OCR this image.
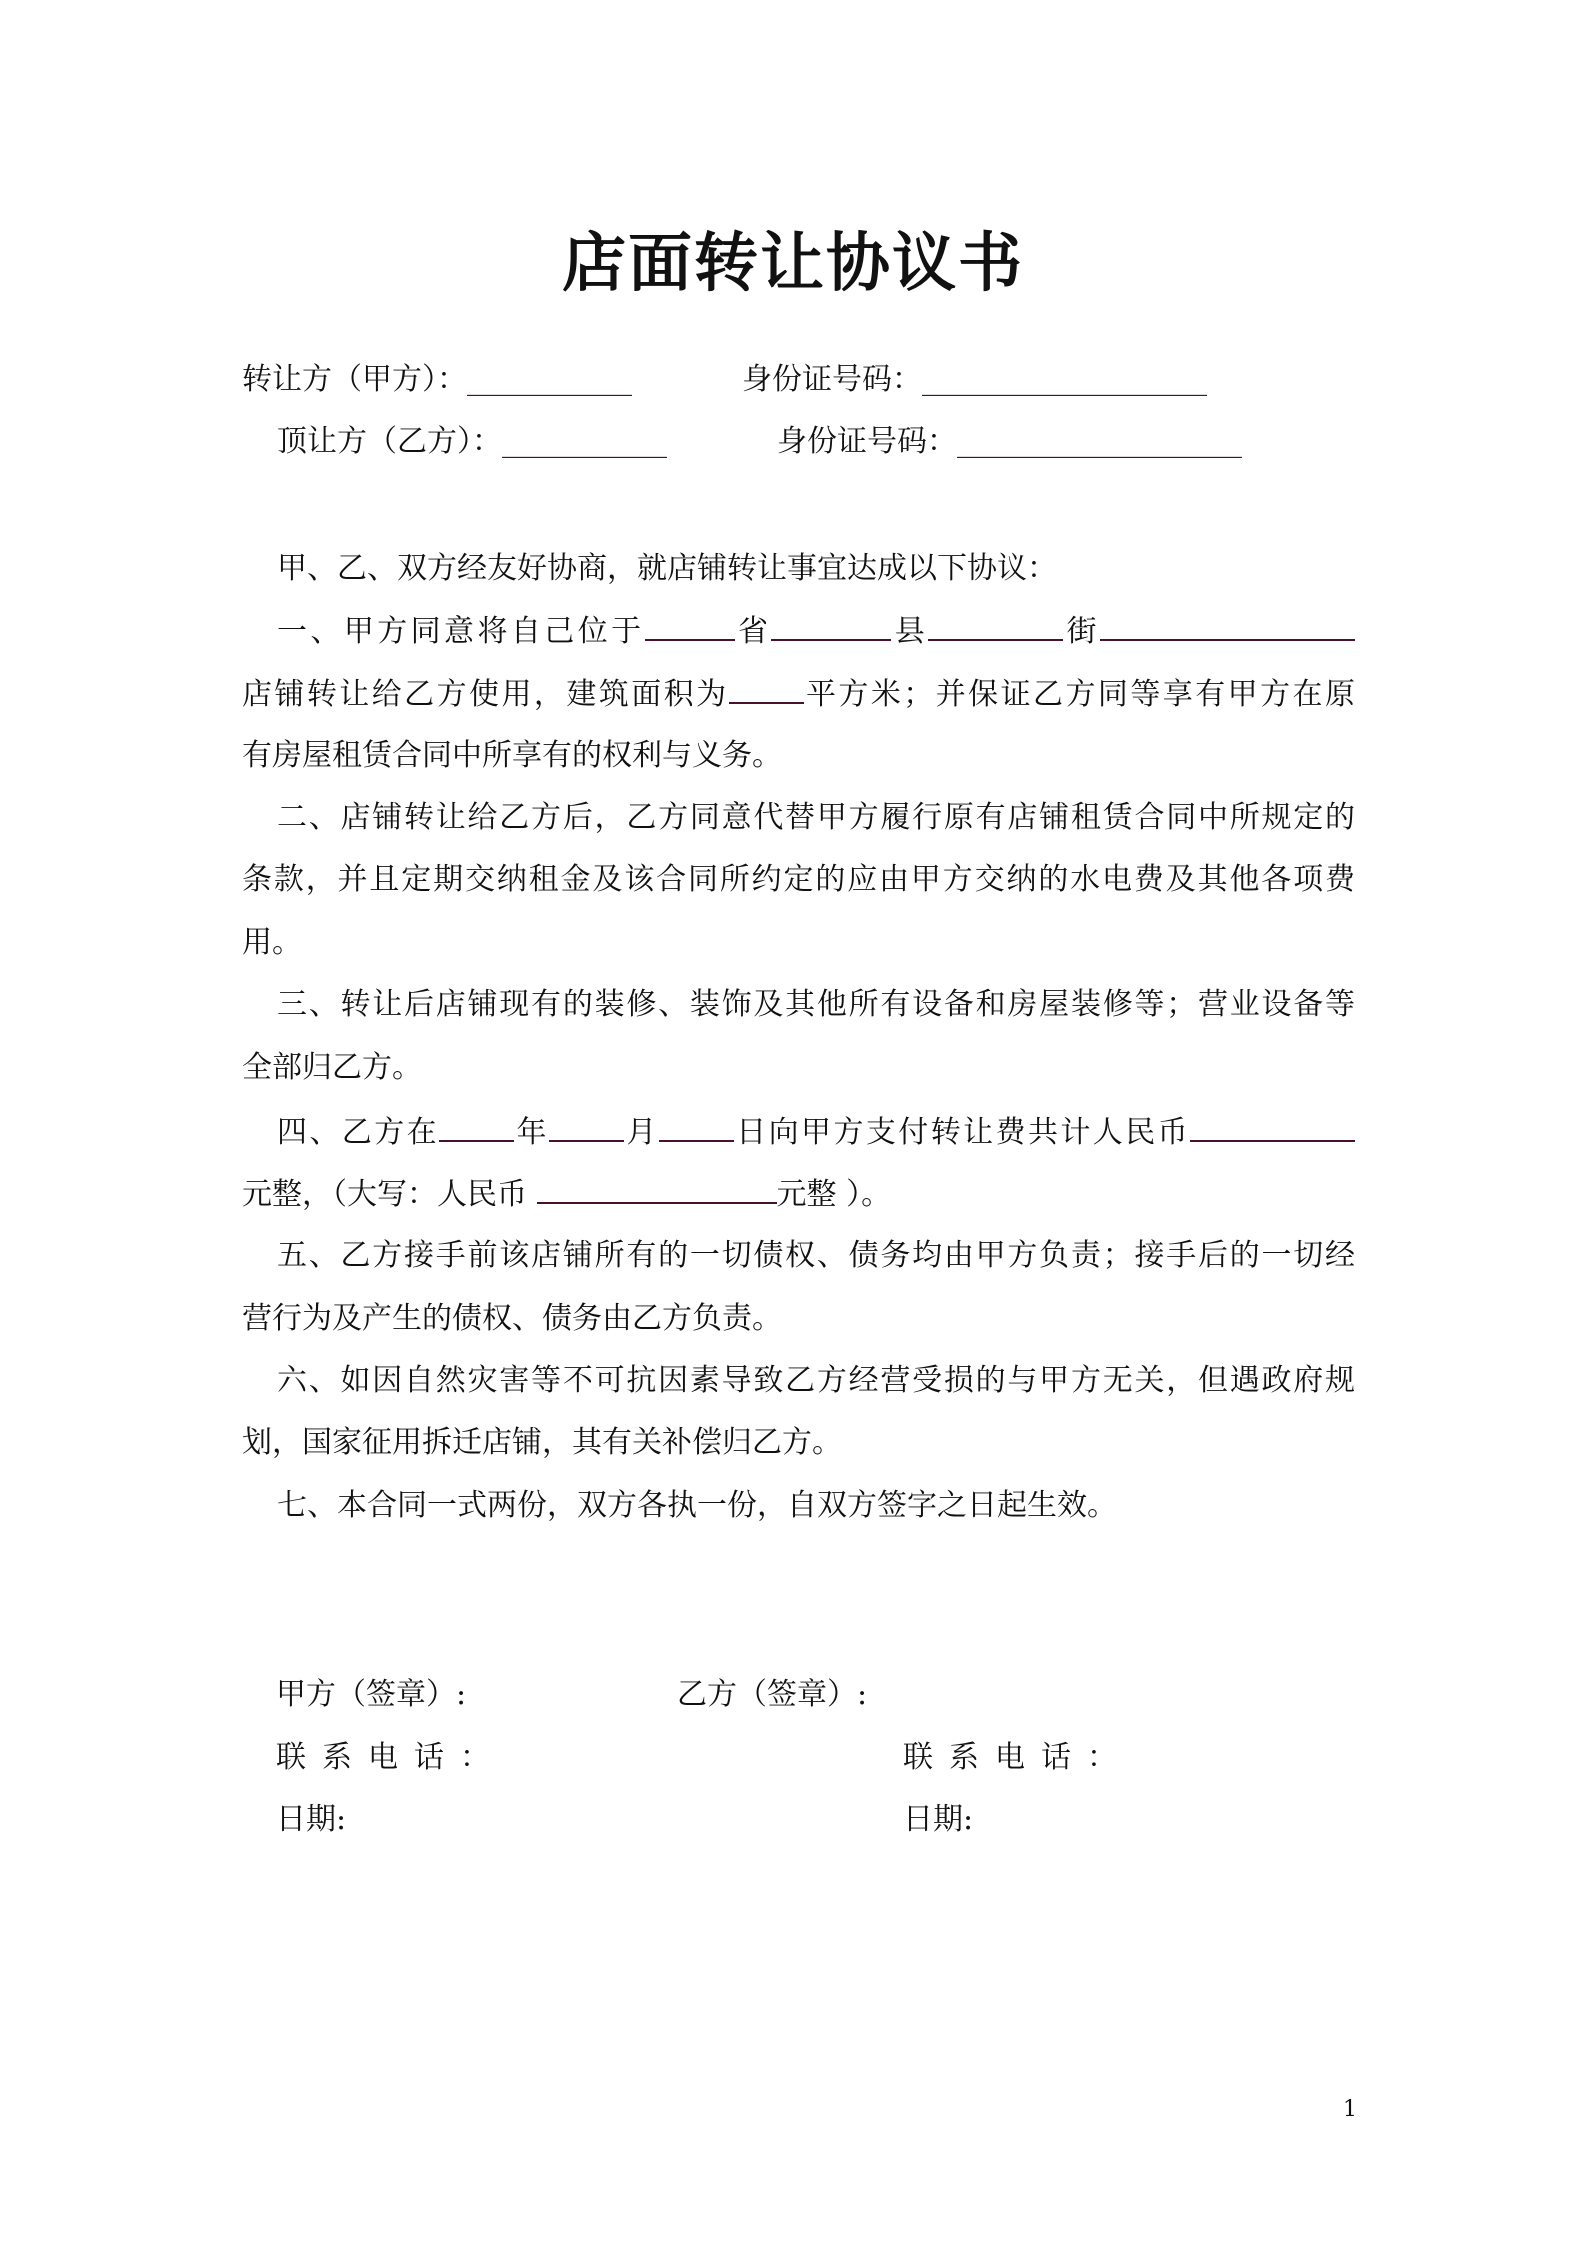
店面转让协议书
转让方（甲方）：___________	身份证号码：___________________
顶让方（乙方）：___________	身份证号码：___________________
甲、乙、双方经友好协商，就店铺转让事宜达成以下协议：
一、甲方同意将自己位于	省	县	街
店铺转让给乙方使用，建筑面积为	平方米；并保证乙方同等享有甲方在原
有房屋租赁合同中所享有的权利与义务。
二、店铺转让给乙方后，乙方同意代替甲方履行原有店铺租赁合同中所规定的
条款，并且定期交纳租金及该合同所约定的应由甲方交纳的水电费及其他各项费
用。
三、转让后店铺现有的装修、装饰及其他所有设备和房屋装修等；营业设备等
全部归乙方。
四、乙方在	年	月	日向甲方支付转让费共计人民币
元整，（大写：人民币	元整 ）。
五、乙方接手前该店铺所有的一切债权、债务均由甲方负责；接手后的一切经
营行为及产生的债权、债务由乙方负责。
六、如因自然灾害等不可抗因素导致乙方经营受损的与甲方无关，但遇政府规
划，国家征用拆迁店铺，其有关补偿归乙方。
七、本合同一式两份，双方各执一份，自双方签字之日起生效。
甲方（签章）:	乙方（签章）:
联系电话：	联系电话：
日期:	日期:
1
